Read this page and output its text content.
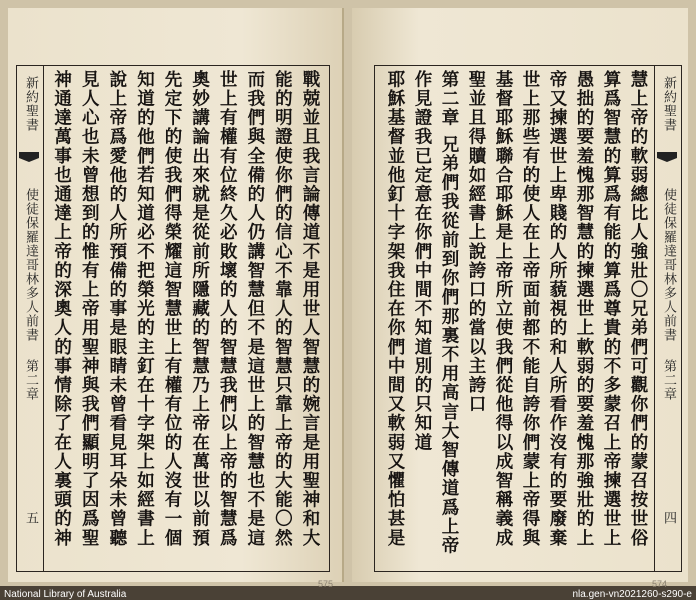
新約聖書
使徒保羅達哥林多人前書
第二章
五	戰兢並且我言論傳道不是用世人智慧的婉言是用聖神和大
能的明證使你們的信心不靠人的智慧只靠上帝的大能〇然
而我們與全備的人仍講智慧但不是這世上的智慧也不是這
世上有權有位終久必敗壞的人的智慧我們以上帝的智慧爲
奧妙講論出來就是從前所隱藏的智慧乃上帝在萬世以前預
先定下的使我們得榮耀這智慧世上有權有位的人沒有一個
知道的他們若知道必不把榮光的主釘在十字架上如經書上
說上帝爲愛他的人所預備的事是眼睛未曾看見耳朵未曾聽
見人心也未曾想到的惟有上帝用聖神與我們顯明了因爲聖
神通達萬事也通達上帝的深奧人的事情除了在人裏頭的神
575
慧上帝的軟弱總比人強壯〇兄弟們可觀你們的蒙召按世俗
算爲智慧的算爲有能的算爲尊貴的不多蒙召上帝揀選世上
愚拙的要羞愧那智慧的揀選世上軟弱的要羞愧那強壯的上
帝又揀選世上卑賤的人所藐視的和人所看作沒有的要廢棄
世上那些有的使人在上帝面前都不能自誇你們蒙上帝得與
基督耶穌聯合耶穌是上帝所立使我們從他得以成智稱義成
聖並且得贖如經書上說誇口的當以主誇口
第二章 兄弟們我從前到你們那裏不用高言大智傳道爲上帝
作見證我已定意在你們中間不知道別的只知道
耶穌基督並他釘十字架我住在你們中間又軟弱又懼怕甚是	新約聖書
使徒保羅達哥林多人前書
第二章
四
574
National Library of Australia	nla.gen-vn2021260-s290-e
